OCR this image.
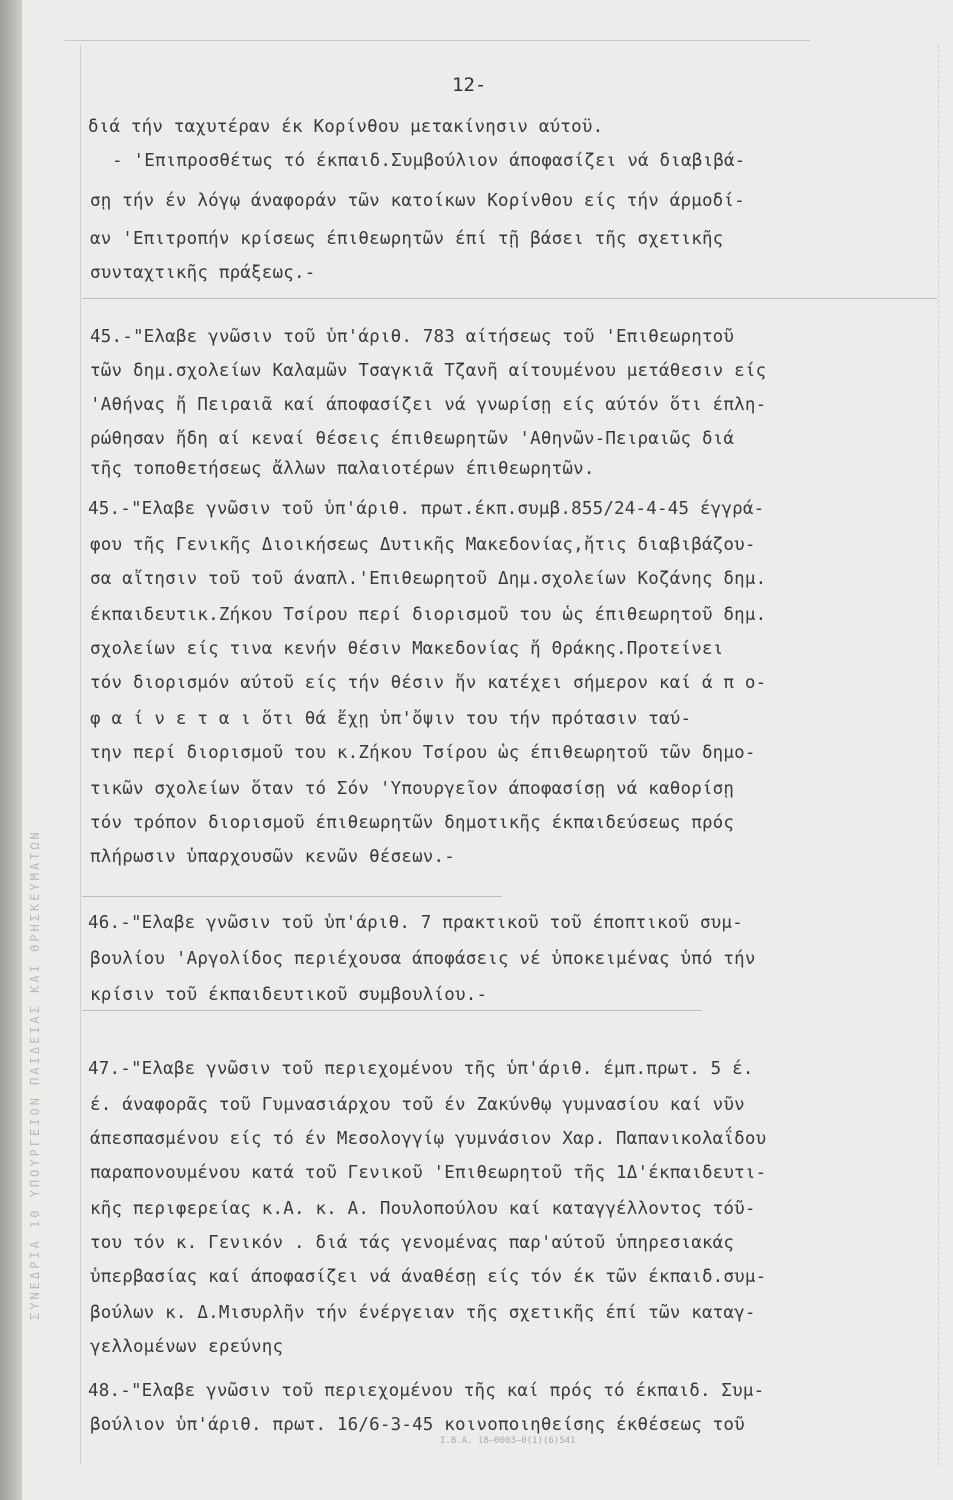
ΣΥΝΕΔΡΙΑ 10 ΥΠΟΥΡΓΕΙΟΝ ΠΑΙΔΕΙΑΣ ΚΑΙ ΘΡΗΣΚΕΥΜΑΤΩΝ
12-
διά τήν ταχυτέραν έκ Κορίνθου μετακίνησιν αύτοϋ.
- 'Επιπροσθέτως τό έκπαιδ.Συμβούλιον άποφασίζει νά διαβιβά-
σῃ τήν έν λόγῳ άναφοράν τῶν κατοίκων Κορίνθου είς τήν άρμοδί-
αν 'Επιτροπήν κρίσεως έπιθεωρητῶν έπί τῇ βάσει τῆς σχετικῆς
συνταχτικῆς πράξεως.-
45.-"Ελαβε γνῶσιν τοῦ ὑπ'άριθ. 783 αίτήσεως τοῦ 'Επιθεωρητοῦ
τῶν δημ.σχολείων Καλαμῶν Τσαγκιᾶ Τζανῆ αίτουμένου μετάθεσιν είς
'Αθήνας ἤ Πειραιᾶ καί άποφασίζει νά γνωρίσῃ είς αύτόν ὅτι έπλη-
ρώθησαν ἤδη αί κεναί θέσεις έπιθεωρητῶν 'Αθηνῶν-Πειραιῶς διά
τῆς τοποθετήσεως ἄλλων παλαιοτέρων έπιθεωρητῶν.
45.-"Ελαβε γνῶσιν τοῦ ὑπ'άριθ. πρωτ.έκπ.συμβ.855/24-4-45 έγγρά-
φου τῆς Γενικῆς Διοικήσεως Δυτικῆς Μακεδονίας,ἤτις διαβιβάζου-
σα αἴτησιν τοῦ τοῦ άναπλ.'Επιθεωρητοῦ Δημ.σχολείων Κοζάνης δημ.
έκπαιδευτικ.Ζήκου Τσίρου περί διορισμοῦ του ὡς έπιθεωρητοῦ δημ.
σχολείων είς τινα κενήν θέσιν Μακεδονίας ἤ Θράκης.Προτείνει
τόν διορισμόν αύτοῦ είς τήν θέσιν ἥν κατέχει σήμερον καί ά π ο-
φ α ί ν ε τ α ι ὅτι θά ἔχῃ ὑπ'ὄψιν του τήν πρότασιν ταύ-
την περί διορισμοῦ του κ.Ζήκου Τσίρου ὡς έπιθεωρητοῦ τῶν δημο-
τικῶν σχολείων ὅταν τό Σόν 'Υπουργεῖον άποφασίσῃ νά καθορίσῃ
τόν τρόπον διορισμοῦ έπιθεωρητῶν δημοτικῆς έκπαιδεύσεως πρός
πλήρωσιν ὑπαρχουσῶν κενῶν θέσεων.-
46.-"Ελαβε γνῶσιν τοῦ ὑπ'άριθ. 7 πρακτικοῦ τοῦ έποπτικοῦ συμ-
βουλίου 'Αργολίδος περιέχουσα άποφάσεις νέ ὑποκειμένας ὑπό τήν
κρίσιν τοῦ έκπαιδευτικοῦ συμβουλίου.-
47.-"Ελαβε γνῶσιν τοῦ περιεχομένου τῆς ὑπ'άριθ. έμπ.πρωτ. 5 έ.
έ. άναφορᾶς τοῦ Γυμνασιάρχου τοῦ έν Ζακύνθῳ γυμνασίου καί νῦν
άπεσπασμένου είς τό έν Μεσολογγίῳ γυμνάσιον Χαρ. Παπανικολαΐδου
παραπονουμένου κατά τοῦ Γενικοῦ 'Επιθεωρητοῦ τῆς 1Δ'έκπαιδευτι-
κῆς περιφερείας κ.Α. κ. Α. Πουλοπούλου καί καταγγέλλοντος τόῦ-
του τόν κ. Γενικόν . διά τάς γενομένας παρ'αύτοῦ ὑπηρεσιακάς
ὑπερβασίας καί άποφασίζει νά άναθέσῃ είς τόν έκ τῶν έκπαιδ.συμ-
βούλων κ. Δ.Μισυρλῆν τήν ένέργειαν τῆς σχετικῆς έπί τῶν καταγ-
γελλομένων ερεύνης
48.-"Ελαβε γνῶσιν τοῦ περιεχομένου τῆς καί πρός τό έκπαιδ. Συμ-
βούλιον ὑπ'άριθ. πρωτ. 16/6-3-45 κοινοποιηθείσης έκθέσεως τοῦ
Ι.Β.Α. 18—0003—0(1)(6)541
